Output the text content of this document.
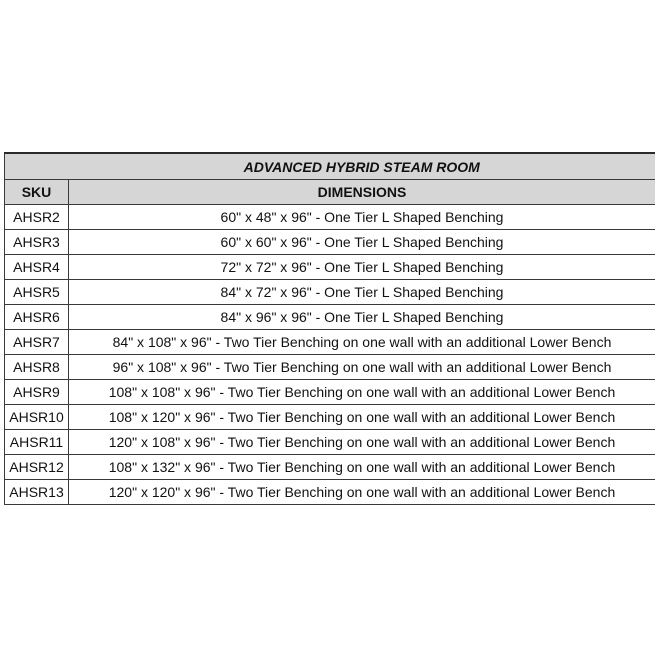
	ADVANCED HYBRID STEAM ROOM
SKU	DIMENSIONS
AHSR2	60" x 48" x 96" - One Tier L Shaped Benching
AHSR3	60" x 60" x 96" - One Tier L Shaped Benching
AHSR4	72" x 72" x 96" - One Tier L Shaped Benching
AHSR5	84" x 72" x 96" - One Tier L Shaped Benching
AHSR6	84" x 96" x 96" - One Tier L Shaped Benching
AHSR7	84" x 108" x 96" - Two Tier Benching on one wall with an additional Lower Bench
AHSR8	96" x 108" x 96" - Two Tier Benching on one wall with an additional Lower Bench
AHSR9	108" x 108" x 96" - Two Tier Benching on one wall with an additional Lower Bench
AHSR10	108" x 120" x 96" - Two Tier Benching on one wall with an additional Lower Bench
AHSR11	120" x 108" x 96" - Two Tier Benching on one wall with an additional Lower Bench
AHSR12	108" x 132" x 96" - Two Tier Benching on one wall with an additional Lower Bench
AHSR13	120" x 120" x 96" - Two Tier Benching on one wall with an additional Lower Bench
